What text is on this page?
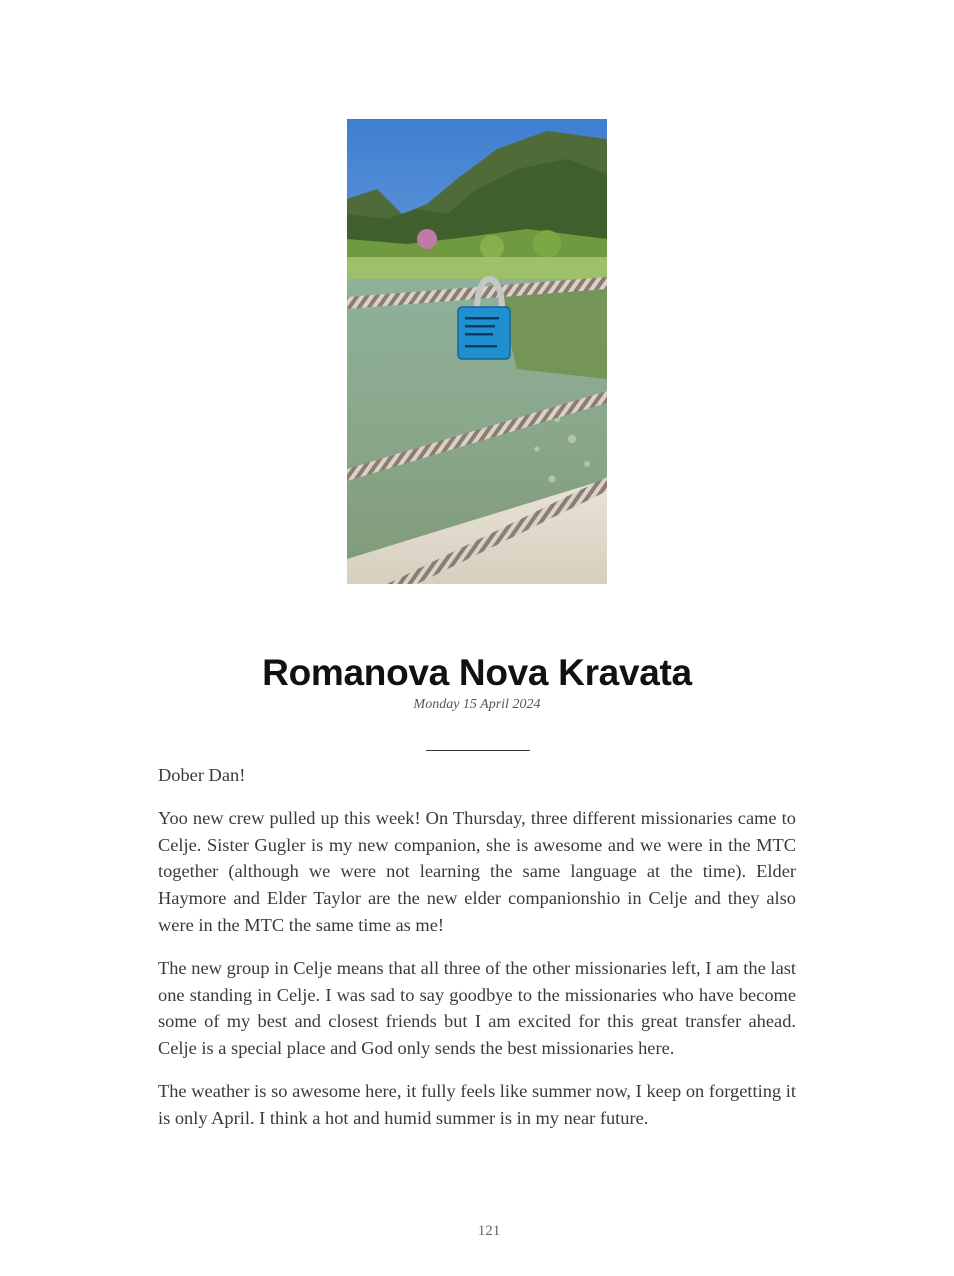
Romanova Nova Kravata
Monday 15 April 2024

Dober Dan!

Yoo new crew pulled up this week! On Thursday, three different missionaries came to Celje. Sister Gugler is my new companion, she is awesome and we were in the MTC together (although we were not learning the same language at the time). Elder Haymore and Elder Taylor are the new elder companionshio in Celje and they also were in the MTC the same time as me!

The new group in Celje means that all three of the other missionaries left, I am the last one standing in Celje. I was sad to say goodbye to the missionaries who have become some of my best and closest friends but I am excited for this great transfer ahead. Celje is a special place and God only sends the best missionaries here.

The weather is so awesome here, it fully feels like summer now, I keep on forgetting it is only April. I think a hot and humid summer is in my near future.

121
